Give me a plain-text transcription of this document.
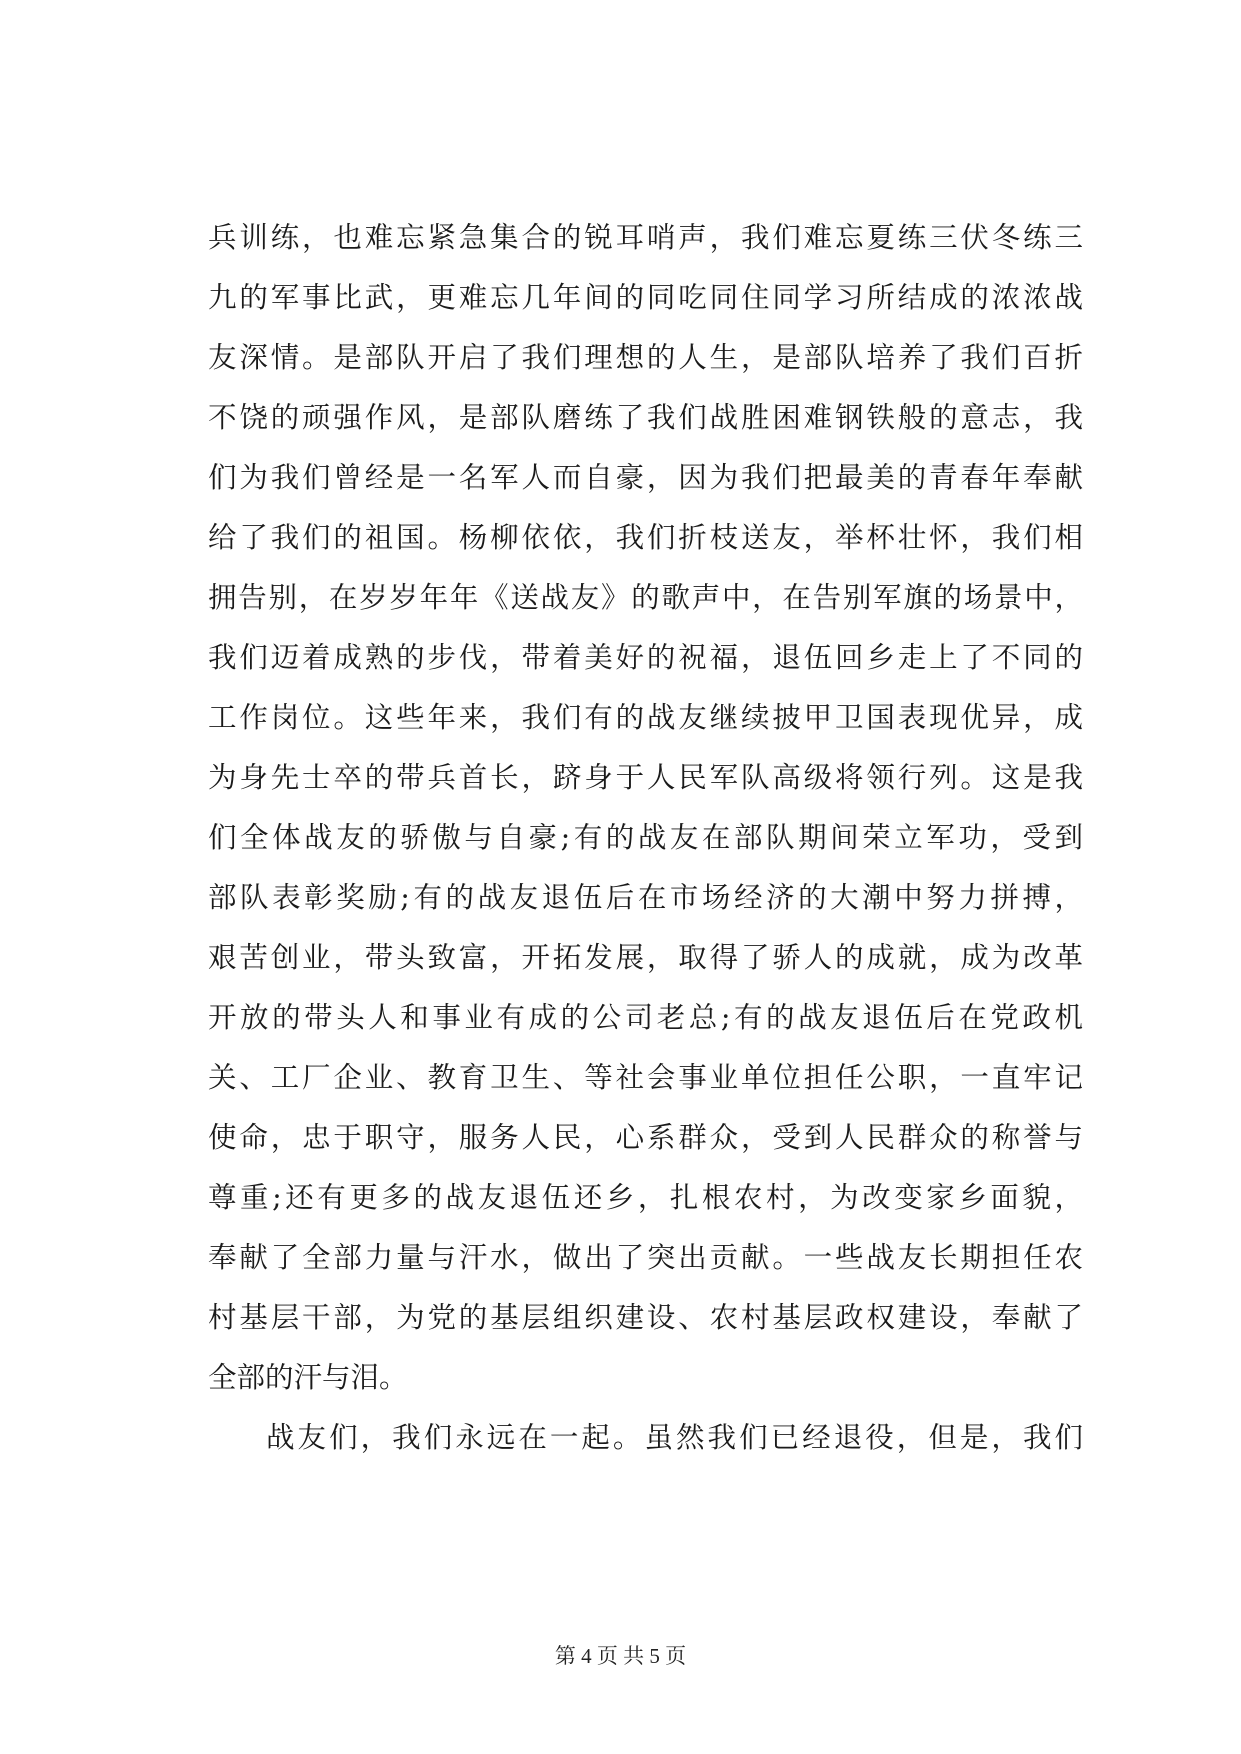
兵训练，也难忘紧急集合的锐耳哨声，我们难忘夏练三伏冬练三
九的军事比武，更难忘几年间的同吃同住同学习所结成的浓浓战
友深情。是部队开启了我们理想的人生，是部队培养了我们百折
不饶的顽强作风，是部队磨练了我们战胜困难钢铁般的意志，我
们为我们曾经是一名军人而自豪，因为我们把最美的青春年奉献
给了我们的祖国。杨柳依依，我们折枝送友，举杯壮怀，我们相
拥告别，在岁岁年年《送战友》的歌声中，在告别军旗的场景中，
我们迈着成熟的步伐，带着美好的祝福，退伍回乡走上了不同的
工作岗位。这些年来，我们有的战友继续披甲卫国表现优异，成
为身先士卒的带兵首长，跻身于人民军队高级将领行列。这是我
们全体战友的骄傲与自豪;有的战友在部队期间荣立军功，受到
部队表彰奖励;有的战友退伍后在市场经济的大潮中努力拼搏，
艰苦创业，带头致富，开拓发展，取得了骄人的成就，成为改革
开放的带头人和事业有成的公司老总;有的战友退伍后在党政机
关、工厂企业、教育卫生、等社会事业单位担任公职，一直牢记
使命，忠于职守，服务人民，心系群众，受到人民群众的称誉与
尊重;还有更多的战友退伍还乡，扎根农村，为改变家乡面貌，
奉献了全部力量与汗水，做出了突出贡献。一些战友长期担任农
村基层干部，为党的基层组织建设、农村基层政权建设，奉献了
全部的汗与泪。
战友们，我们永远在一起。虽然我们已经退役，但是，我们
第 4 页 共 5 页
